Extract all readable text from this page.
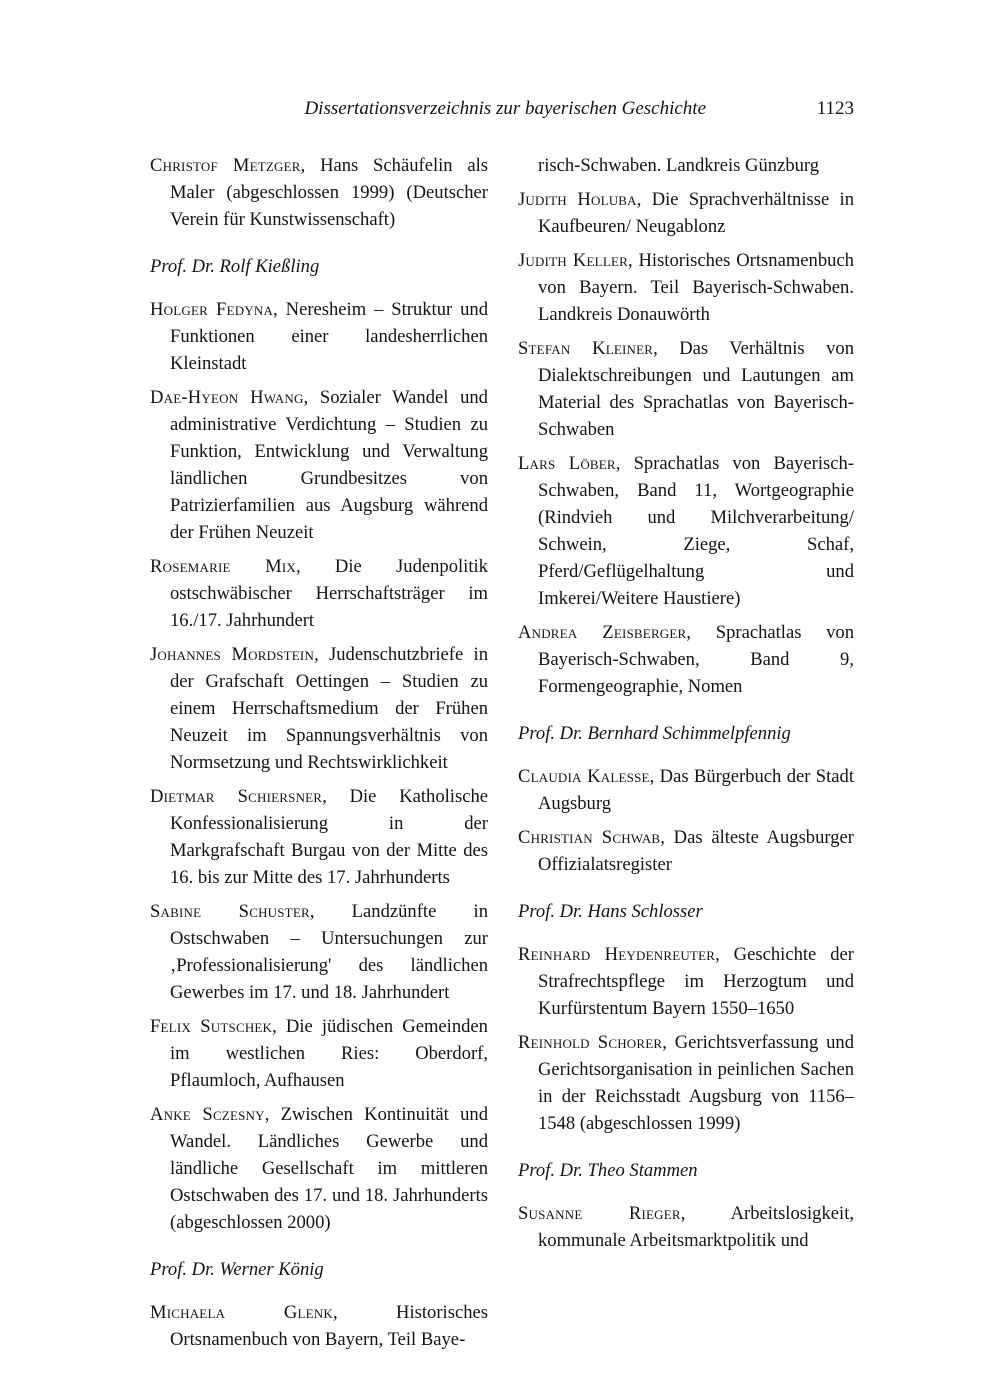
Dissertationsverzeichnis zur bayerischen Geschichte	1123
Christof Metzger, Hans Schäufelin als Maler (abgeschlossen 1999) (Deutscher Verein für Kunstwissenschaft)
Prof. Dr. Rolf Kießling
Holger Fedyna, Neresheim – Struktur und Funktionen einer landesherrlichen Kleinstadt
Dae-Hyeon Hwang, Sozialer Wandel und administrative Verdichtung – Studien zu Funktion, Entwicklung und Verwaltung ländlichen Grundbesitzes von Patrizierfamilien aus Augsburg während der Frühen Neuzeit
Rosemarie Mix, Die Judenpolitik ostschwäbischer Herrschaftsträger im 16./17. Jahrhundert
Johannes Mordstein, Judenschutzbriefe in der Grafschaft Oettingen – Studien zu einem Herrschaftsmedium der Frühen Neuzeit im Spannungsverhältnis von Normsetzung und Rechtswirklichkeit
Dietmar Schiersner, Die Katholische Konfessionalisierung in der Markgrafschaft Burgau von der Mitte des 16. bis zur Mitte des 17. Jahrhunderts
Sabine Schuster, Landzünfte in Ostschwaben – Untersuchungen zur ‚Professionalisierung' des ländlichen Gewerbes im 17. und 18. Jahrhundert
Felix Sutschek, Die jüdischen Gemeinden im westlichen Ries: Oberdorf, Pflaumloch, Aufhausen
Anke Sczesny, Zwischen Kontinuität und Wandel. Ländliches Gewerbe und ländliche Gesellschaft im mittleren Ostschwaben des 17. und 18. Jahrhunderts (abgeschlossen 2000)
Prof. Dr. Werner König
Michaela Glenk, Historisches Ortsnamenbuch von Bayern, Teil Baye-
risch-Schwaben. Landkreis Günzburg
Judith Holuba, Die Sprachverhältnisse in Kaufbeuren/ Neugablonz
Judith Keller, Historisches Ortsnamenbuch von Bayern. Teil Bayerisch-Schwaben. Landkreis Donauwörth
Stefan Kleiner, Das Verhältnis von Dialektschreibungen und Lautungen am Material des Sprachatlas von Bayerisch-Schwaben
Lars Löber, Sprachatlas von Bayerisch-Schwaben, Band 11, Wortgeographie (Rindvieh und Milchverarbeitung/ Schwein, Ziege, Schaf, Pferd/Geflügelhaltung und Imkerei/Weitere Haustiere)
Andrea Zeisberger, Sprachatlas von Bayerisch-Schwaben, Band 9, Formengeographie, Nomen
Prof. Dr. Bernhard Schimmelpfennig
Claudia Kalesse, Das Bürgerbuch der Stadt Augsburg
Christian Schwab, Das älteste Augsburger Offizialatsregister
Prof. Dr. Hans Schlosser
Reinhard Heydenreuter, Geschichte der Strafrechtspflege im Herzogtum und Kurfürstentum Bayern 1550–1650
Reinhold Schorer, Gerichtsverfassung und Gerichtsorganisation in peinlichen Sachen in der Reichsstadt Augsburg von 1156–1548 (abgeschlossen 1999)
Prof. Dr. Theo Stammen
Susanne Rieger, Arbeitslosigkeit, kommunale Arbeitsmarktpolitik und
